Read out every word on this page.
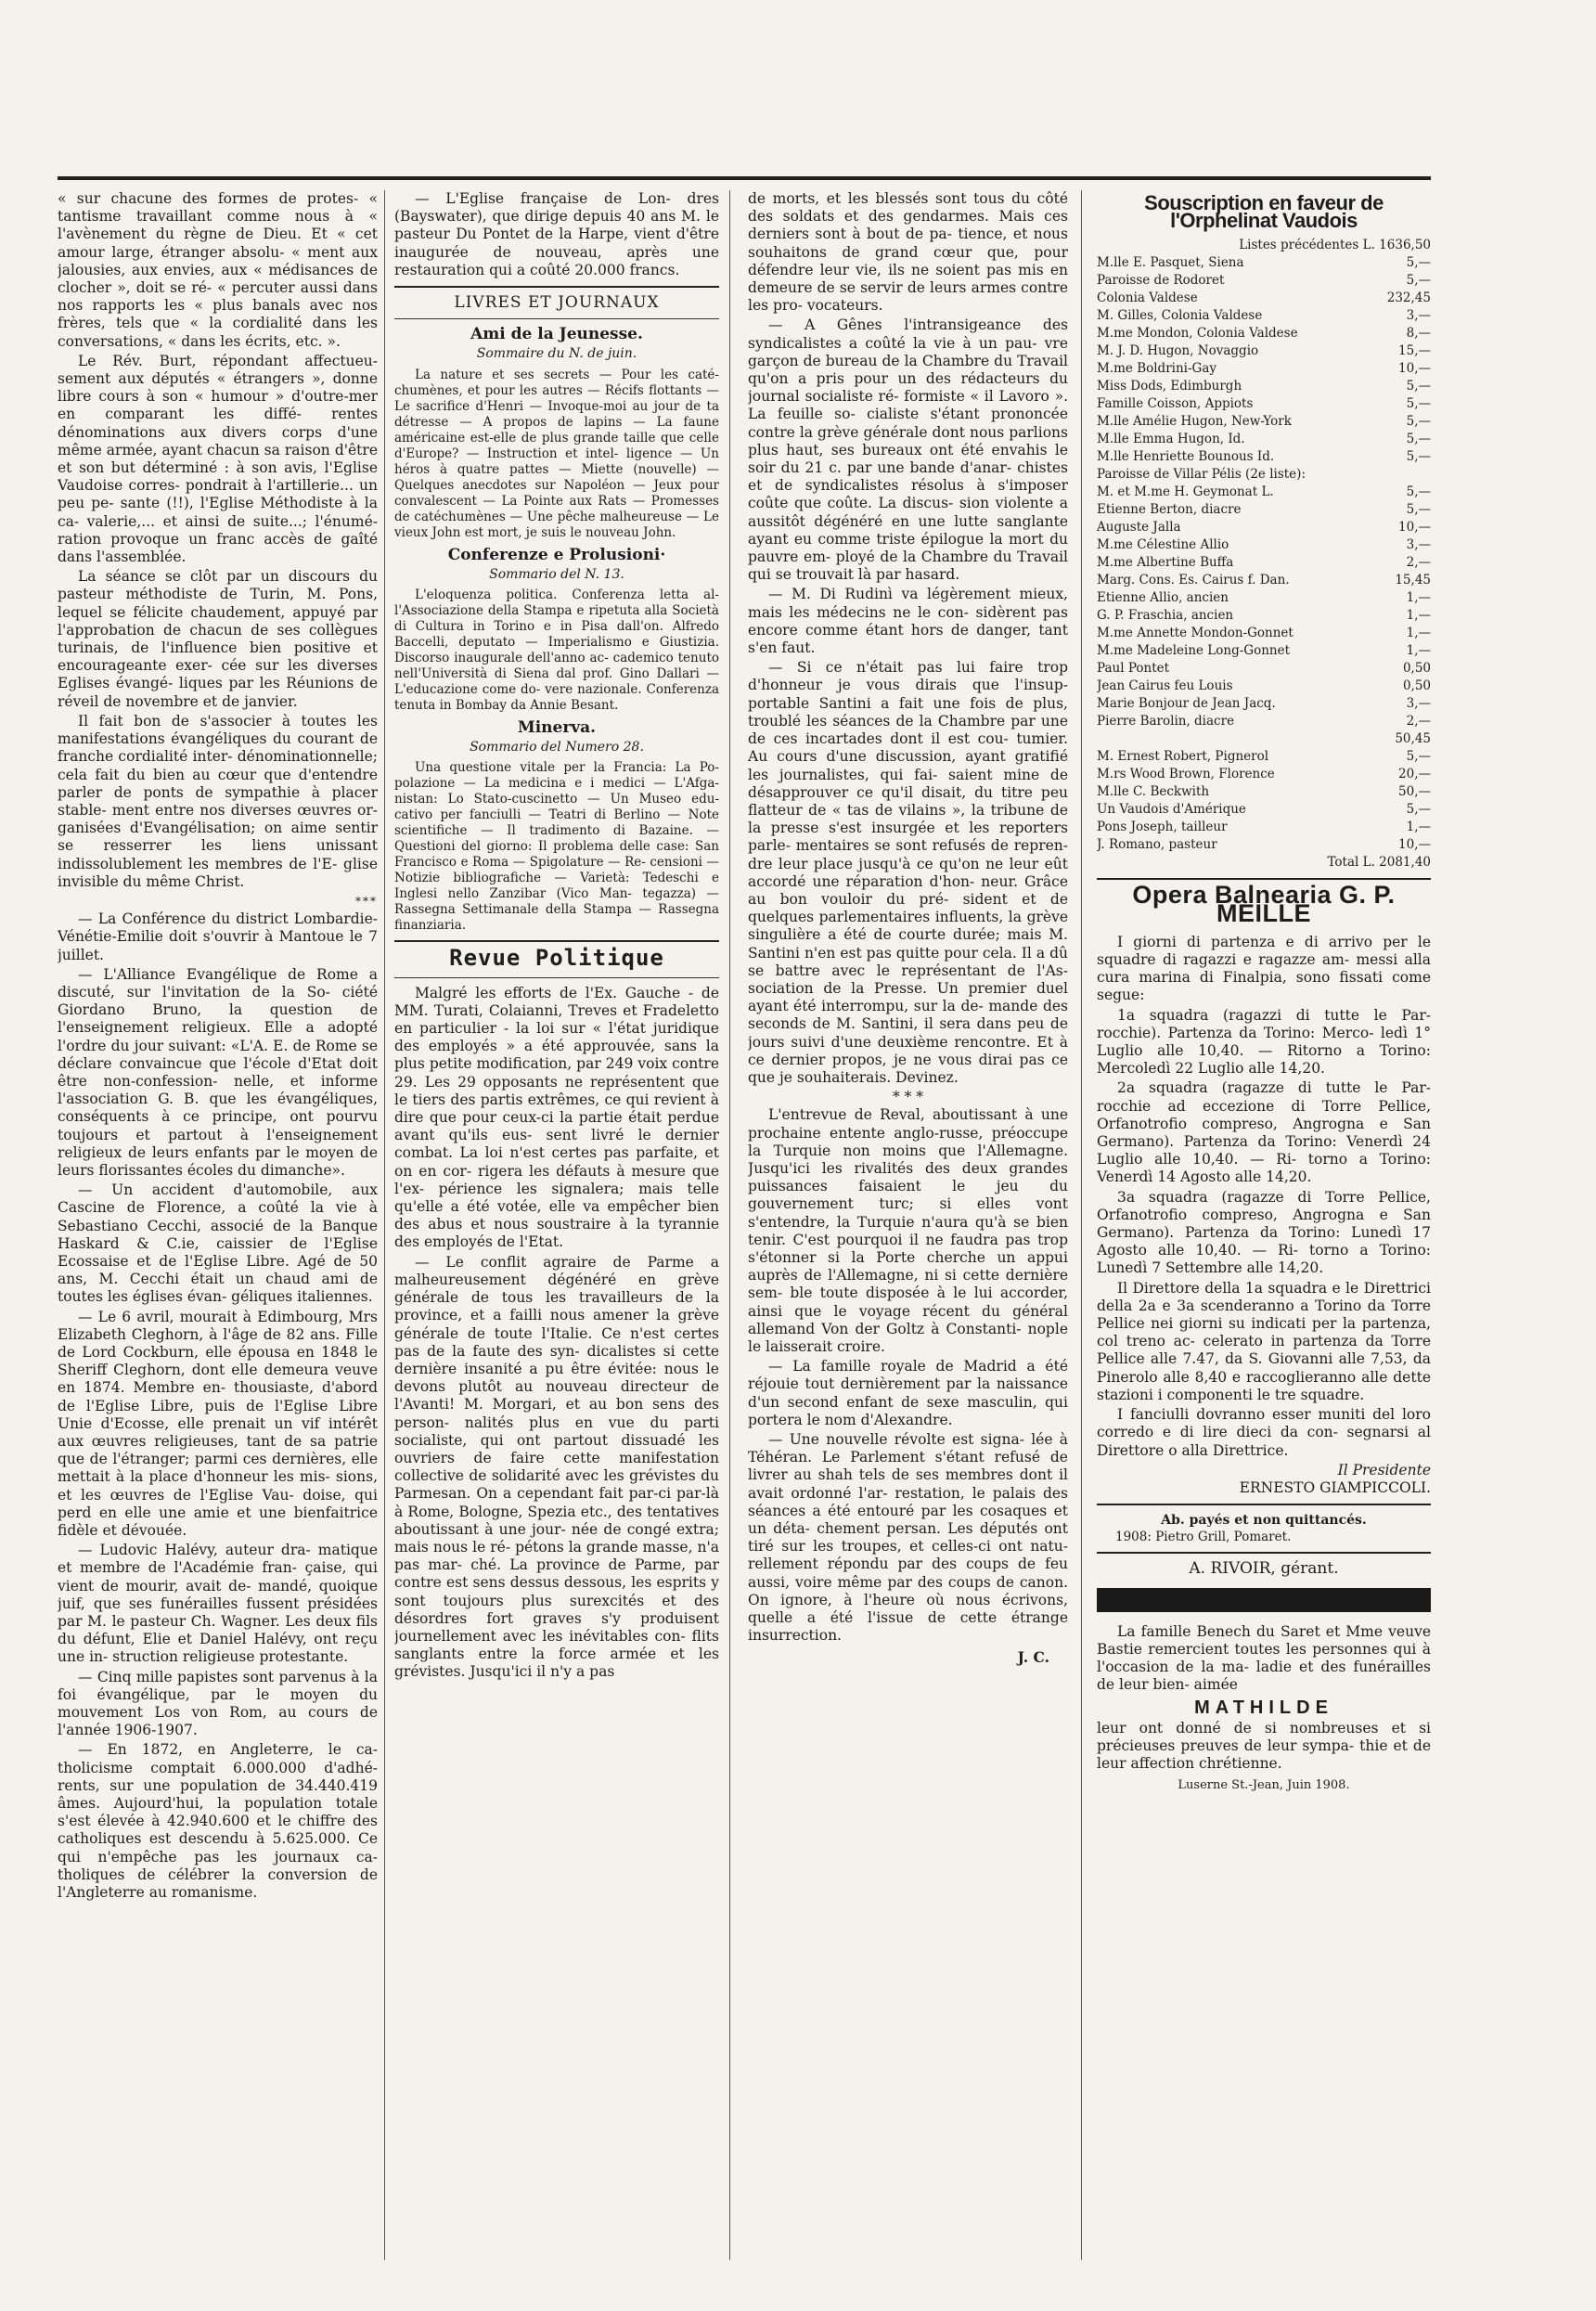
« sur chacune des formes de protes- « tantisme travaillant comme nous à « l'avènement du règne de Dieu. Et « cet amour large, étranger absolu- « ment aux jalousies, aux envies, aux « médisances de clocher », doit se ré- « percuter aussi dans nos rapports les « plus banals avec nos frères, tels que « la cordialité dans les conversations, « dans les écrits, etc. ».

Le Rév. Burt, répondant affectueu- sement aux députés « étrangers », donne libre cours à son « humour » d'outre-mer en comparant les diffé- rentes dénominations aux divers corps d'une même armée, ayant chacun sa raison d'être et son but déterminé : à son avis, l'Eglise Vaudoise corres- pondrait à l'artillerie... un peu pe- sante (!!), l'Eglise Méthodiste à la ca- valerie,... et ainsi de suite...; l'énumé- ration provoque un franc accès de gaîté dans l'assemblée.

La séance se clôt par un discours du pasteur méthodiste de Turin, M. Pons, lequel se félicite chaudement, appuyé par l'approbation de chacun de ses collègues turinais, de l'influence bien positive et encourageante exer- cée sur les diverses Eglises évangé- liques par les Réunions de réveil de novembre et de janvier.

Il fait bon de s'associer à toutes les manifestations évangéliques du courant de franche cordialité inter- dénominationnelle; cela fait du bien au cœur que d'entendre parler de ponts de sympathie à placer stable- ment entre nos diverses œuvres or- ganisées d'Evangélisation; on aime sentir se resserrer les liens unissant indissolublement les membres de l'E- glise invisible du même Christ.

***

— La Conférence du district Lombardie-Vénétie-Emilie doit s'ouvrir à Mantoue le 7 juillet.

— L'Alliance Evangélique de Rome a discuté, sur l'invitation de la So- ciété Giordano Bruno, la question de l'enseignement religieux. Elle a adopté l'ordre du jour suivant: «L'A. E. de Rome se déclare convaincue que l'école d'Etat doit être non-confession- nelle, et informe l'association G. B. que les évangéliques, conséquents à ce principe, ont pourvu toujours et partout à l'enseignement religieux de leurs enfants par le moyen de leurs florissantes écoles du dimanche».

— Un accident d'automobile, aux Cascine de Florence, a coûté la vie à Sebastiano Cecchi, associé de la Banque Haskard & C.ie, caissier de l'Eglise Ecossaise et de l'Eglise Libre. Agé de 50 ans, M. Cecchi était un chaud ami de toutes les églises évan- géliques italiennes.

— Le 6 avril, mourait à Edimbourg, Mrs Elizabeth Cleghorn, à l'âge de 82 ans. Fille de Lord Cockburn, elle épousa en 1848 le Sheriff Cleghorn, dont elle demeura veuve en 1874. Membre en- thousiaste, d'abord de l'Eglise Libre, puis de l'Eglise Libre Unie d'Ecosse, elle prenait un vif intérêt aux œuvres religieuses, tant de sa patrie que de l'étranger; parmi ces dernières, elle mettait à la place d'honneur les mis- sions, et les œuvres de l'Eglise Vau- doise, qui perd en elle une amie et une bienfaitrice fidèle et dévouée.

— Ludovic Halévy, auteur dra- matique et membre de l'Académie fran- çaise, qui vient de mourir, avait de- mandé, quoique juif, que ses funérailles fussent présidées par M. le pasteur Ch. Wagner. Les deux fils du défunt, Elie et Daniel Halévy, ont reçu une in- struction religieuse protestante.

— Cinq mille papistes sont parvenus à la foi évangélique, par le moyen du mouvement Los von Rom, au cours de l'année 1906-1907.

— En 1872, en Angleterre, le ca- tholicisme comptait 6.000.000 d'adhé- rents, sur une population de 34.440.419 âmes. Aujourd'hui, la population totale s'est élevée à 42.940.600 et le chiffre des catholiques est descendu à 5.625.000. Ce qui n'empêche pas les journaux ca- tholiques de célébrer la conversion de l'Angleterre au romanisme.

— L'Eglise française de Lon- dres (Bayswater), que dirige depuis 40 ans M. le pasteur Du Pontet de la Harpe, vient d'être inaugurée de nouveau, après une restauration qui a coûté 20.000 francs.

LIVRES ET JOURNAUX
Ami de la Jeunesse.
Sommaire du N. de juin.

La nature et ses secrets — Pour les caté- chumènes, et pour les autres — Récifs flottants — Le sacrifice d'Henri — Invoque-moi au jour de ta détresse — A propos de lapins — La faune américaine est-elle de plus grande taille que celle d'Europe? — Instruction et intel- ligence — Un héros à quatre pattes — Miette (nouvelle) — Quelques anecdotes sur Napoléon — Jeux pour convalescent — La Pointe aux Rats — Promesses de catéchumènes — Une pêche malheureuse — Le vieux John est mort, je suis le nouveau John.

Conferenze e Prolusioni·
Sommario del N. 13.

L'eloquenza politica. Conferenza letta al- l'Associazione della Stampa e ripetuta alla Società di Cultura in Torino e in Pisa dall'on. Alfredo Baccelli, deputato — Imperialismo e Giustizia. Discorso inaugurale dell'anno ac- cademico tenuto nell'Università di Siena dal prof. Gino Dallari — L'educazione come do- vere nazionale. Conferenza tenuta in Bombay da Annie Besant.

Minerva.
Sommario del Numero 28.

Una questione vitale per la Francia: La Po- polazione — La medicina e i medici — L'Afga- nistan: Lo Stato-cuscinetto — Un Museo edu- cativo per fanciulli — Teatri di Berlino — Note scientifiche — Il tradimento di Bazaine. — Questioni del giorno: Il problema delle case: San Francisco e Roma — Spigolature — Re- censioni — Notizie bibliografiche — Varietà: Tedeschi e Inglesi nello Zanzibar (Vico Man- tegazza) — Rassegna Settimanale della Stampa — Rassegna finanziaria.

Revue Politique

Malgré les efforts de l'Ex. Gauche - de MM. Turati, Colaianni, Treves et Fradeletto en particulier - la loi sur « l'état juridique des employés » a été approuvée, sans la plus petite modification, par 249 voix contre 29. Les 29 opposants ne représentent que le tiers des partis extrêmes, ce qui revient à dire que pour ceux-ci la partie était perdue avant qu'ils eus- sent livré le dernier combat. La loi n'est certes pas parfaite, et on en cor- rigera les défauts à mesure que l'ex- périence les signalera; mais telle qu'elle a été votée, elle va empêcher bien des abus et nous soustraire à la tyrannie des employés de l'Etat.

— Le conflit agraire de Parme a malheureusement dégénéré en grève générale de tous les travailleurs de la province, et a failli nous amener la grève générale de toute l'Italie. Ce n'est certes pas de la faute des syn- dicalistes si cette dernière insanité a pu être évitée: nous le devons plutôt au nouveau directeur de l'Avanti! M. Morgari, et au bon sens des person- nalités plus en vue du parti socialiste, qui ont partout dissuadé les ouvriers de faire cette manifestation collective de solidarité avec les grévistes du Parmesan. On a cependant fait par-ci par-là à Rome, Bologne, Spezia etc., des tentatives aboutissant à une jour- née de congé extra; mais nous le ré- pétons la grande masse, n'a pas mar- ché. La province de Parme, par contre est sens dessus dessous, les esprits y sont toujours plus surexcités et des désordres fort graves s'y produisent journellement avec les inévitables con- flits sanglants entre la force armée et les grévistes. Jusqu'ici il n'y a pas

de morts, et les blessés sont tous du côté des soldats et des gendarmes. Mais ces derniers sont à bout de pa- tience, et nous souhaitons de grand cœur que, pour défendre leur vie, ils ne soient pas mis en demeure de se servir de leurs armes contre les pro- vocateurs.

— A Gênes l'intransigeance des syndicalistes a coûté la vie à un pau- vre garçon de bureau de la Chambre du Travail qu'on a pris pour un des rédacteurs du journal socialiste ré- formiste « il Lavoro ». La feuille so- cialiste s'étant prononcée contre la grève générale dont nous parlions plus haut, ses bureaux ont été envahis le soir du 21 c. par une bande d'anar- chistes et de syndicalistes résolus à s'imposer coûte que coûte. La discus- sion violente a aussitôt dégénéré en une lutte sanglante ayant eu comme triste épilogue la mort du pauvre em- ployé de la Chambre du Travail qui se trouvait là par hasard.

— M. Di Rudinì va légèrement mieux, mais les médecins ne le con- sidèrent pas encore comme étant hors de danger, tant s'en faut.

— Si ce n'était pas lui faire trop d'honneur je vous dirais que l'insup- portable Santini a fait une fois de plus, troublé les séances de la Chambre par une de ces incartades dont il est cou- tumier. Au cours d'une discussion, ayant gratifié les journalistes, qui fai- saient mine de désapprouver ce qu'il disait, du titre peu flatteur de « tas de vilains », la tribune de la presse s'est insurgée et les reporters parle- mentaires se sont refusés de repren- dre leur place jusqu'à ce qu'on ne leur eût accordé une réparation d'hon- neur. Grâce au bon vouloir du pré- sident et de quelques parlementaires influents, la grève singulière a été de courte durée; mais M. Santini n'en est pas quitte pour cela. Il a dû se battre avec le représentant de l'As- sociation de la Presse. Un premier duel ayant été interrompu, sur la de- mande des seconds de M. Santini, il sera dans peu de jours suivi d'une deuxième rencontre. Et à ce dernier propos, je ne vous dirai pas ce que je souhaiterais. Devinez.

* * *

L'entrevue de Reval, aboutissant à une prochaine entente anglo-russe, préoccupe la Turquie non moins que l'Allemagne. Jusqu'ici les rivalités des deux grandes puissances faisaient le jeu du gouvernement turc; si elles vont s'entendre, la Turquie n'aura qu'à se bien tenir. C'est pourquoi il ne faudra pas trop s'étonner si la Porte cherche un appui auprès de l'Allemagne, ni si cette dernière sem- ble toute disposée à le lui accorder, ainsi que le voyage récent du général allemand Von der Goltz à Constanti- nople le laisserait croire.

— La famille royale de Madrid a été réjouie tout dernièrement par la naissance d'un second enfant de sexe masculin, qui portera le nom d'Alexandre.

— Une nouvelle révolte est signa- lée à Téhéran. Le Parlement s'étant refusé de livrer au shah tels de ses membres dont il avait ordonné l'ar- restation, le palais des séances a été entouré par les cosaques et un déta- chement persan. Les députés ont tiré sur les troupes, et celles-ci ont natu- rellement répondu par des coups de feu aussi, voire même par des coups de canon. On ignore, à l'heure où nous écrivons, quelle a été l'issue de cette étrange insurrection.

J. C.
Souscription en faveur de l'Orphelinat Vaudois
Listes précédentes L. 1636,50
M.lle E. Pasquet, Siena	5,—
Paroisse de Rodoret	5,—
Colonia Valdese	232,45
M. Gilles, Colonia Valdese	3,—
M.me Mondon, Colonia Valdese	8,—
M. J. D. Hugon, Novaggio	15,—
M.me Boldrini-Gay	10,—
Miss Dods, Edimburgh	5,—
Famille Coisson, Appiots	5,—
M.lle Amélie Hugon, New-York	5,—
M.lle Emma Hugon, Id.	5,—
M.lle Henriette Bounous Id.	5,—
Paroisse de Villar Pélis (2e liste):
M. et M.me H. Geymonat L.	5,—
Etienne Berton, diacre	5,—
Auguste Jalla	10,—
M.me Célestine Allio	3,—
M.me Albertine Buffa	2,—
Marg. Cons. Es. Cairus f. Dan.	15,45
Etienne Allio, ancien	1,—
G. P. Fraschia, ancien	1,—
M.me Annette Mondon-Gonnet	1,—
M.me Madeleine Long-Gonnet	1,—
Paul Pontet	0,50
Jean Cairus feu Louis	0,50
Marie Bonjour de Jean Jacq.	3,—
Pierre Barolin, diacre	2,—
50,45
M. Ernest Robert, Pignerol	5,—
M.rs Wood Brown, Florence	20,—
M.lle C. Beckwith	50,—
Un Vaudois d'Amérique	5,—
Pons Joseph, tailleur	1,—
J. Romano, pasteur	10,—
Total L. 2081,40
Opera Balnearia G. P. MEILLE

I giorni di partenza e di arrivo per le squadre di ragazzi e ragazze am- messi alla cura marina di Finalpia, sono fissati come segue:

1a squadra (ragazzi di tutte le Par- rocchie). Partenza da Torino: Merco- ledì 1° Luglio alle 10,40. — Ritorno a Torino: Mercoledì 22 Luglio alle 14,20.

2a squadra (ragazze di tutte le Par- rocchie ad eccezione di Torre Pellice, Orfanotrofio compreso, Angrogna e San Germano). Partenza da Torino: Venerdì 24 Luglio alle 10,40. — Ri- torno a Torino: Venerdì 14 Agosto alle 14,20.

3a squadra (ragazze di Torre Pellice, Orfanotrofio compreso, Angrogna e San Germano). Partenza da Torino: Lunedì 17 Agosto alle 10,40. — Ri- torno a Torino: Lunedì 7 Settembre alle 14,20.

Il Direttore della 1a squadra e le Direttrici della 2a e 3a scenderanno a Torino da Torre Pellice nei giorni su indicati per la partenza, col treno ac- celerato in partenza da Torre Pellice alle 7.47, da S. Giovanni alle 7,53, da Pinerolo alle 8,40 e raccoglieranno alle dette stazioni i componenti le tre squadre.

I fanciulli dovranno esser muniti del loro corredo e di lire dieci da con- segnarsi al Direttore o alla Direttrice.

Il Presidente
ERNESTO GIAMPICCOLI.
Ab. payés et non quittancés.
1908: Pietro Grill, Pomaret.
A. RIVOIR, gérant.

La famille Benech du Saret et Mme veuve Bastie remercient toutes les personnes qui à l'occasion de la ma- ladie et des funérailles de leur bien- aimée

MATHILDE

leur ont donné de si nombreuses et si précieuses preuves de leur sympa- thie et de leur affection chrétienne.

Luserne St.-Jean, Juin 1908.
